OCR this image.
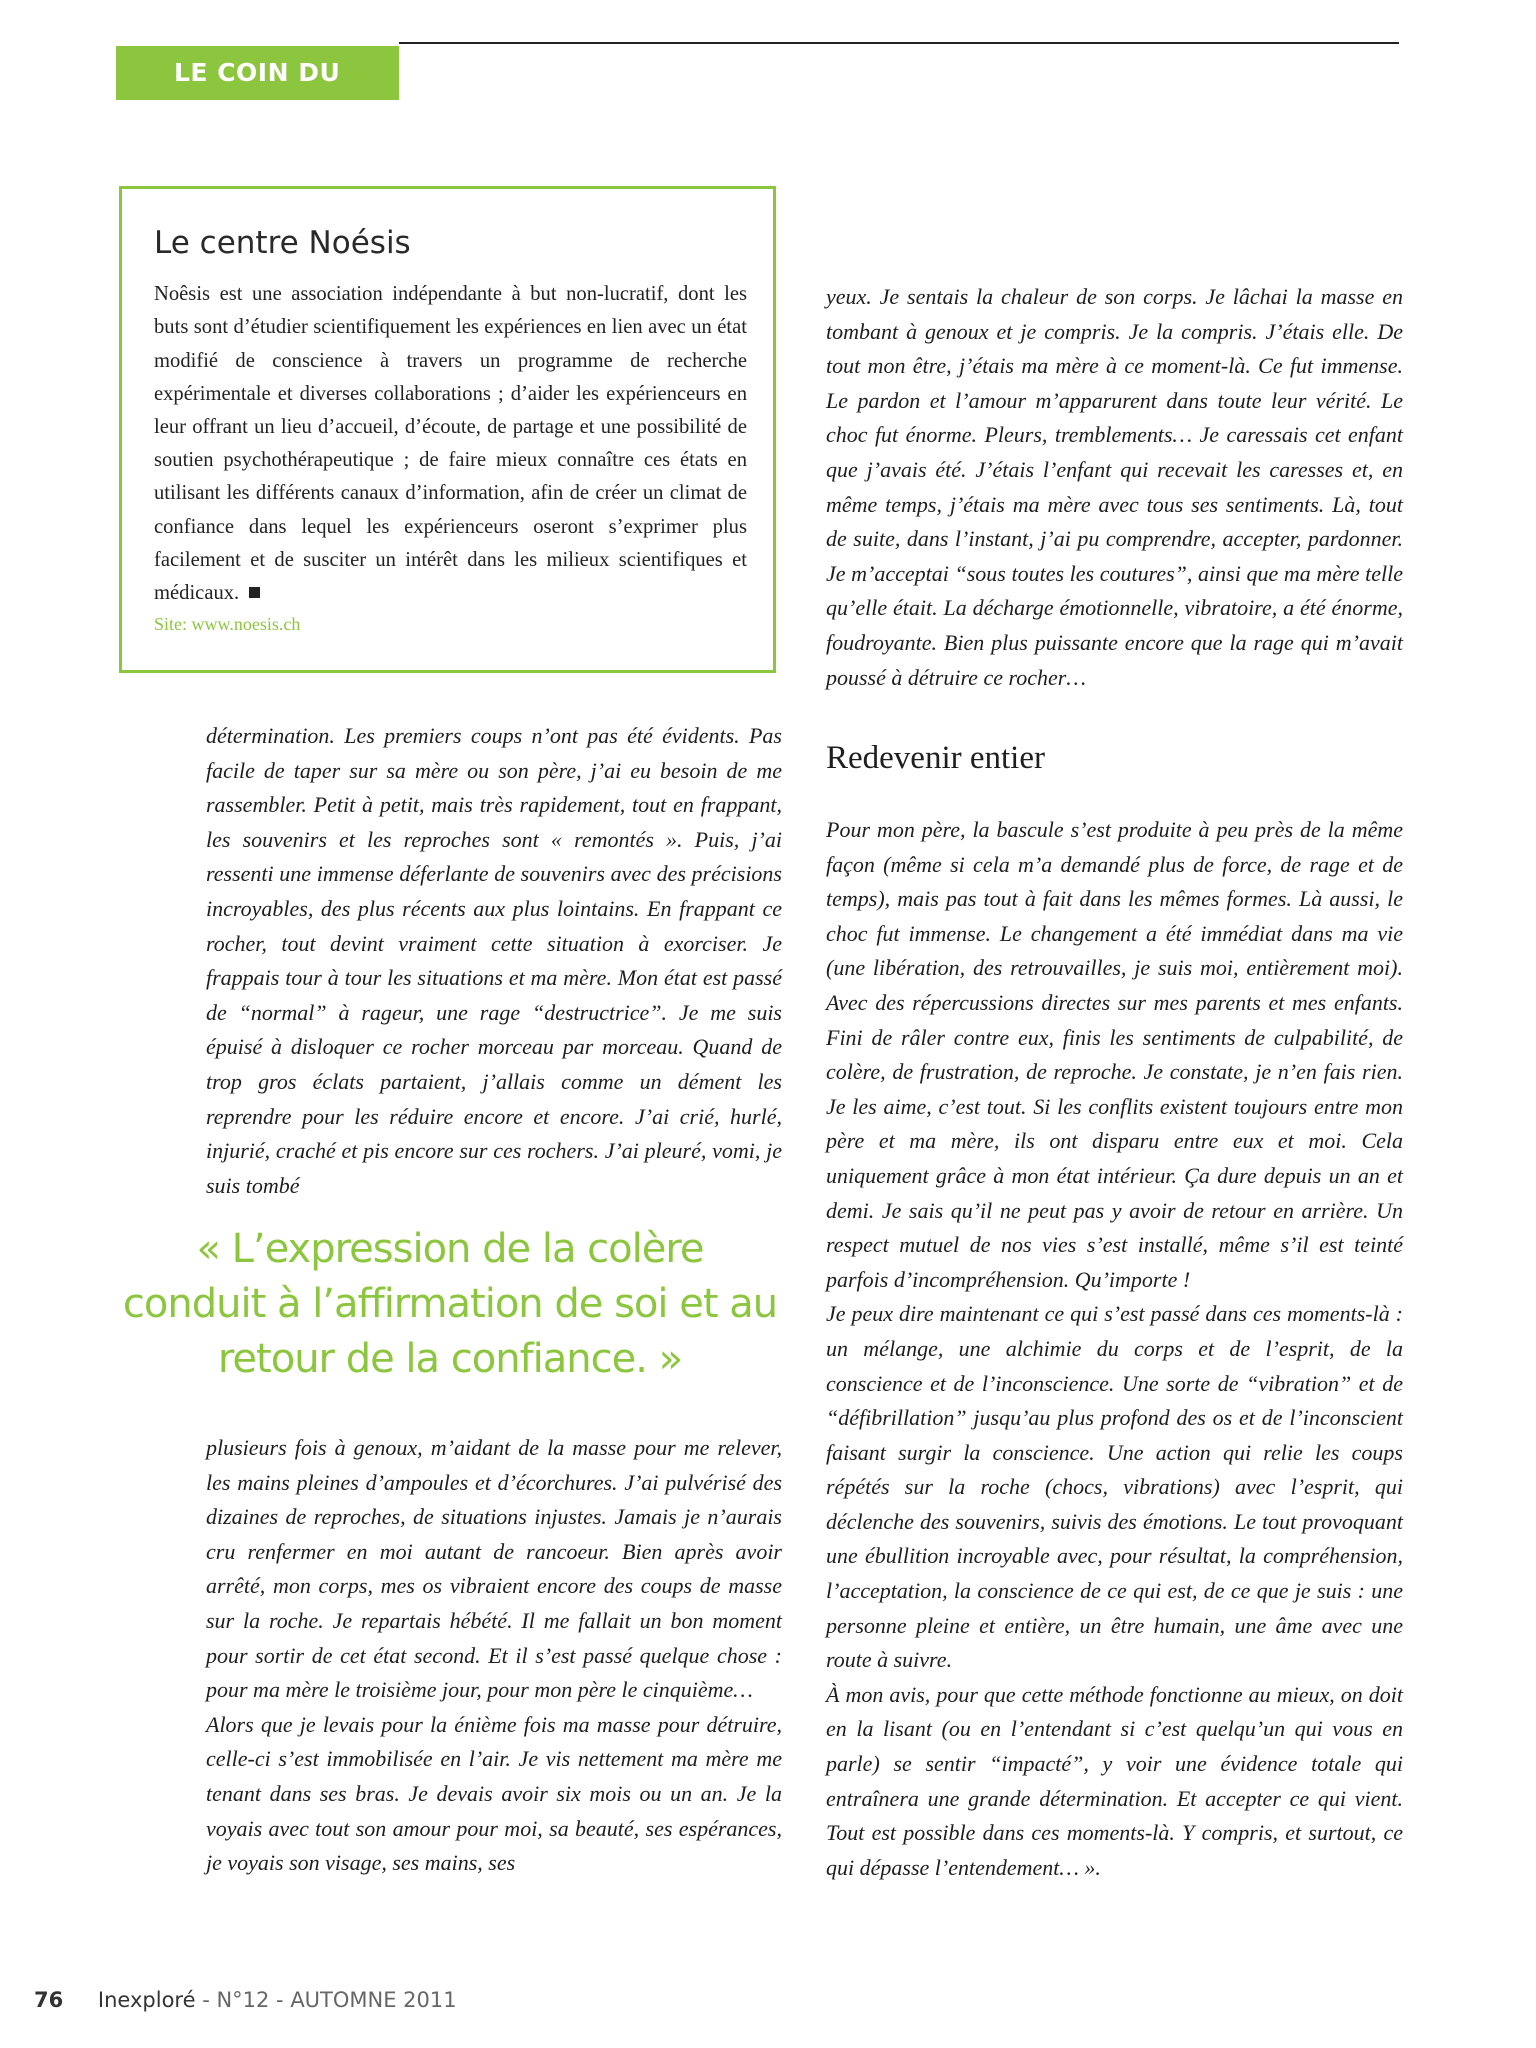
LE COIN DU PSY
Le centre Noésis

Noêsis est une association indépendante à but non-lucratif, dont les buts sont d’étudier scientifiquement les expériences en lien avec un état modifié de conscience à travers un programme de recherche expérimentale et diverses collaborations ; d’aider les expérienceurs en leur offrant un lieu d’accueil, d’écoute, de partage et une possibilité de soutien psychothérapeutique ; de faire mieux connaître ces états en utilisant les différents canaux d’information, afin de créer un climat de confiance dans lequel les expérienceurs oseront s’exprimer plus facilement et de susciter un intérêt dans les milieux scientifiques et médicaux.

Site: www.noesis.ch

détermination. Les premiers coups n’ont pas été évidents. Pas facile de taper sur sa mère ou son père, j’ai eu besoin de me rassembler. Petit à petit, mais très rapidement, tout en frappant, les souvenirs et les reproches sont « remontés ». Puis, j’ai ressenti une immense déferlante de souvenirs avec des précisions incroyables, des plus récents aux plus lointains. En frappant ce rocher, tout devint vraiment cette situation à exorciser. Je frappais tour à tour les situations et ma mère. Mon état est passé de “normal” à rageur, une rage “destructrice”. Je me suis épuisé à disloquer ce rocher morceau par morceau. Quand de trop gros éclats partaient, j’allais comme un dément les reprendre pour les réduire encore et encore. J’ai crié, hurlé, injurié, craché et pis encore sur ces rochers. J’ai pleuré, vomi, je suis tombé

« L’expression de la colère conduit à l’affirmation de soi et au retour de la confiance. »

plusieurs fois à genoux, m’aidant de la masse pour me relever, les mains pleines d’ampoules et d’écorchures. J’ai pulvérisé des dizaines de reproches, de situations injustes. Jamais je n’aurais cru renfermer en moi autant de rancoeur. Bien après avoir arrêté, mon corps, mes os vibraient encore des coups de masse sur la roche. Je repartais hébété. Il me fallait un bon moment pour sortir de cet état second. Et il s’est passé quelque chose : pour ma mère le troisième jour, pour mon père le cinquième…

Alors que je levais pour la énième fois ma masse pour détruire, celle-ci s’est immobilisée en l’air. Je vis nettement ma mère me tenant dans ses bras. Je devais avoir six mois ou un an. Je la voyais avec tout son amour pour moi, sa beauté, ses espérances, je voyais son visage, ses mains, ses

yeux. Je sentais la chaleur de son corps. Je lâchai la masse en tombant à genoux et je compris. Je la compris. J’étais elle. De tout mon être, j’étais ma mère à ce moment-là. Ce fut immense. Le pardon et l’amour m’apparurent dans toute leur vérité. Le choc fut énorme. Pleurs, tremblements… Je caressais cet enfant que j’avais été. J’étais l’enfant qui recevait les caresses et, en même temps, j’étais ma mère avec tous ses sentiments. Là, tout de suite, dans l’instant, j’ai pu comprendre, accepter, pardonner. Je m’acceptai “sous toutes les coutures”, ainsi que ma mère telle qu’elle était. La décharge émotionnelle, vibratoire, a été énorme, foudroyante. Bien plus puissante encore que la rage qui m’avait poussé à détruire ce rocher…

Redevenir entier

Pour mon père, la bascule s’est produite à peu près de la même façon (même si cela m’a demandé plus de force, de rage et de temps), mais pas tout à fait dans les mêmes formes. Là aussi, le choc fut immense. Le changement a été immédiat dans ma vie (une libération, des retrouvailles, je suis moi, entièrement moi). Avec des répercussions directes sur mes parents et mes enfants. Fini de râler contre eux, finis les sentiments de culpabilité, de colère, de frustration, de reproche. Je constate, je n’en fais rien. Je les aime, c’est tout. Si les conflits existent toujours entre mon père et ma mère, ils ont disparu entre eux et moi. Cela uniquement grâce à mon état intérieur. Ça dure depuis un an et demi. Je sais qu’il ne peut pas y avoir de retour en arrière. Un respect mutuel de nos vies s’est installé, même s’il est teinté parfois d’incompréhension. Qu’importe !

Je peux dire maintenant ce qui s’est passé dans ces moments-là : un mélange, une alchimie du corps et de l’esprit, de la conscience et de l’inconscience. Une sorte de “vibration” et de “défibrillation” jusqu’au plus profond des os et de l’inconscient faisant surgir la conscience. Une action qui relie les coups répétés sur la roche (chocs, vibrations) avec l’esprit, qui déclenche des souvenirs, suivis des émotions. Le tout provoquant une ébullition incroyable avec, pour résultat, la compréhension, l’acceptation, la conscience de ce qui est, de ce que je suis : une personne pleine et entière, un être humain, une âme avec une route à suivre.

À mon avis, pour que cette méthode fonctionne au mieux, on doit en la lisant (ou en l’entendant si c’est quelqu’un qui vous en parle) se sentir “impacté”, y voir une évidence totale qui entraînera une grande détermination. Et accepter ce qui vient. Tout est possible dans ces moments-là. Y compris, et surtout, ce qui dépasse l’entendement… ».

76 Inexploré - N°12 - AUTOMNE 2011
